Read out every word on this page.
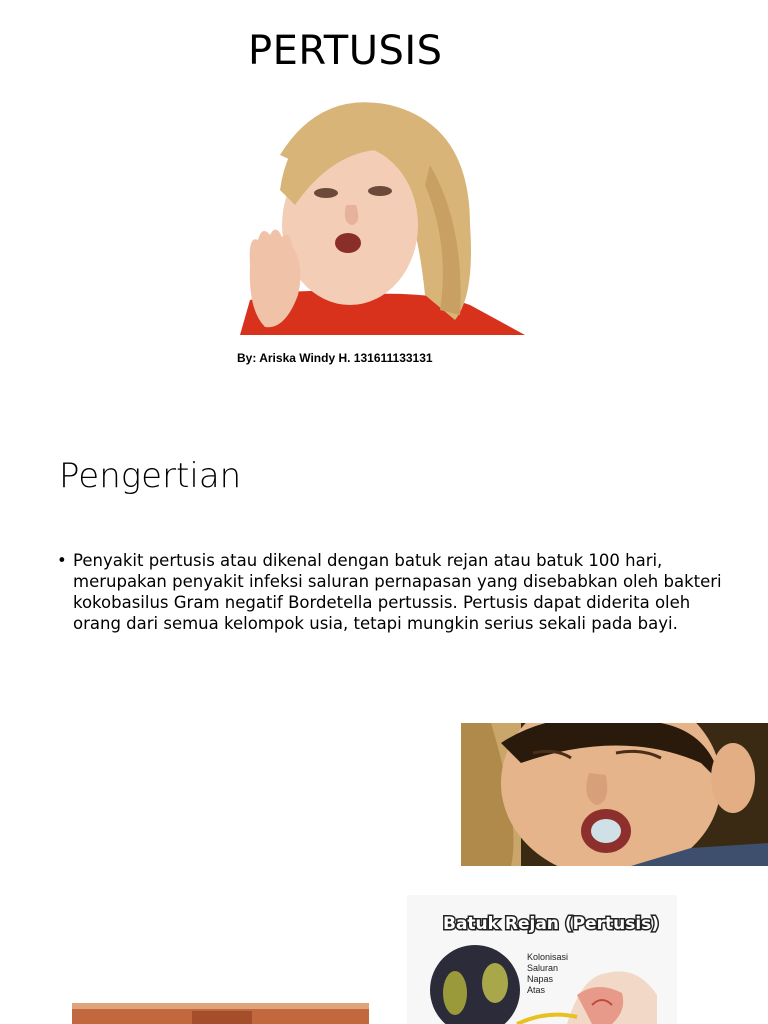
PERTUSIS
By: Ariska Windy H. 131611133131
Pengertian
• Penyakit pertusis atau dikenal dengan batuk rejan atau batuk 100 hari, merupakan penyakit infeksi saluran pernapasan yang disebabkan oleh bakteri kokobasilus Gram negatif Bordetella pertussis. Pertusis dapat diderita oleh orang dari semua kelompok usia, tetapi mungkin serius sekali pada bayi.
Batuk Rejan (Pertusis)
Kolonisasi
Saluran
Napas
Atas
